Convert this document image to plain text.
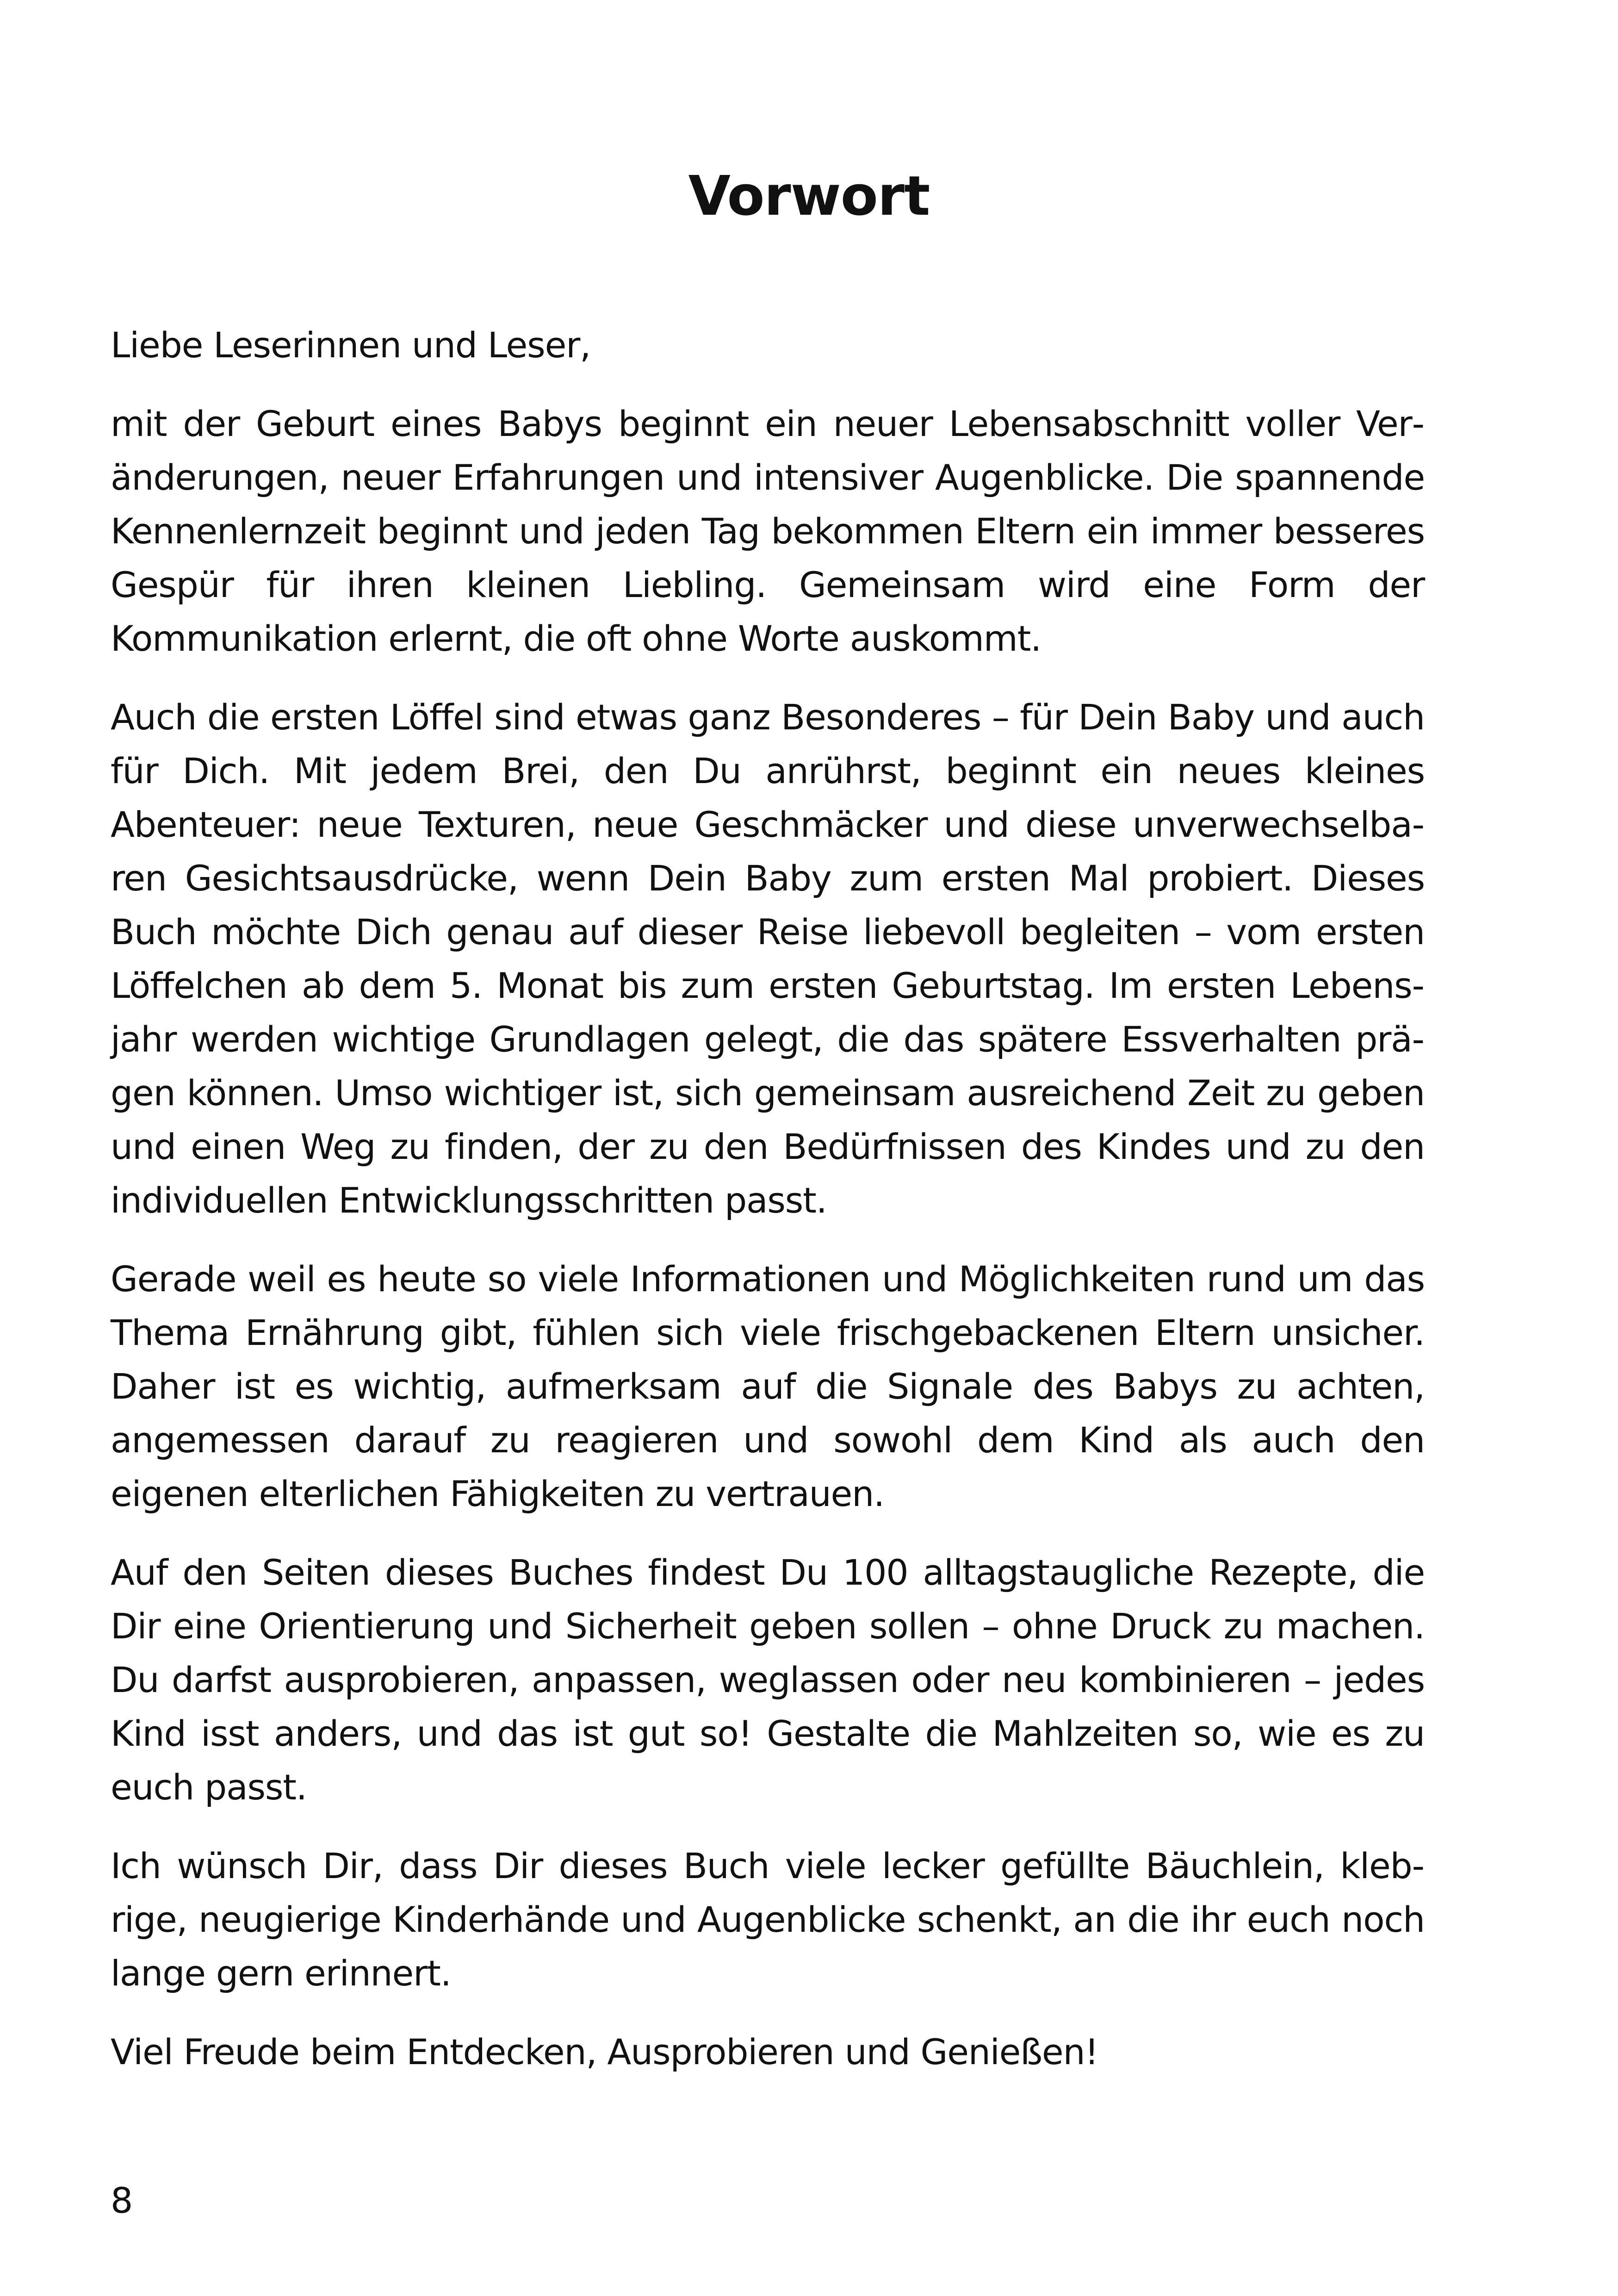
Vorwort

Liebe Leserinnen und Leser,

mit der Geburt eines Babys beginnt ein neuer Lebensabschnitt voller Veränderungen, neuer Erfahrungen und intensiver Augenblicke. Die spannende Kennenlernzeit beginnt und jeden Tag bekommen Eltern ein immer besseres Gespür für ihren kleinen Liebling. Gemeinsam wird eine Form der Kommunikation erlernt, die oft ohne Worte auskommt.

Auch die ersten Löffel sind etwas ganz Besonderes – für Dein Baby und auch für Dich. Mit jedem Brei, den Du anrührst, beginnt ein neues kleines Abenteuer: neue Texturen, neue Geschmäcker und diese unverwechselbaren Gesichtsausdrücke, wenn Dein Baby zum ersten Mal probiert. Dieses Buch möchte Dich genau auf dieser Reise liebevoll begleiten – vom ersten Löffelchen ab dem 5. Monat bis zum ersten Geburtstag. Im ersten Lebensjahr werden wichtige Grundlagen gelegt, die das spätere Essverhalten prägen können. Umso wichtiger ist, sich gemeinsam ausreichend Zeit zu geben und einen Weg zu finden, der zu den Bedürfnissen des Kindes und zu den individuellen Entwicklungsschritten passt.

Gerade weil es heute so viele Informationen und Möglichkeiten rund um das Thema Ernährung gibt, fühlen sich viele frischgebackenen Eltern unsicher. Daher ist es wichtig, aufmerksam auf die Signale des Babys zu achten, angemessen darauf zu reagieren und sowohl dem Kind als auch den eigenen elterlichen Fähigkeiten zu vertrauen.

Auf den Seiten dieses Buches findest Du 100 alltagstaugliche Rezepte, die Dir eine Orientierung und Sicherheit geben sollen – ohne Druck zu machen. Du darfst ausprobieren, anpassen, weglassen oder neu kombinieren – jedes Kind isst anders, und das ist gut so! Gestalte die Mahlzeiten so, wie es zu euch passt.

Ich wünsch Dir, dass Dir dieses Buch viele lecker gefüllte Bäuchlein, klebrige, neugierige Kinderhände und Augenblicke schenkt, an die ihr euch noch lange gern erinnert.

Viel Freude beim Entdecken, Ausprobieren und Genießen!

8
